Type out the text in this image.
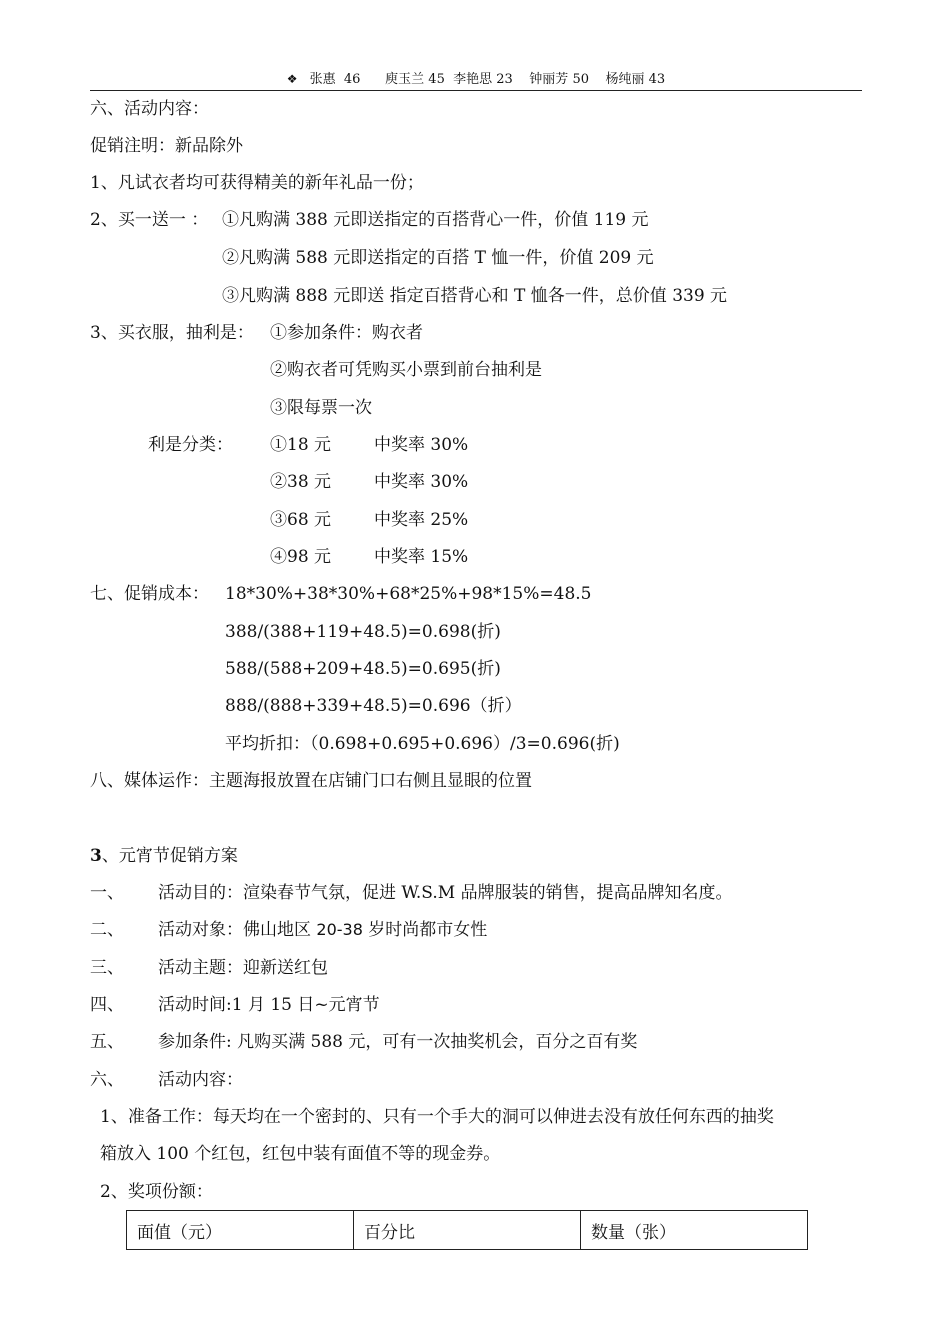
❖ 张惠  46      庾玉兰 45  李艳思 23    钟丽芳 50    杨纯丽 43
六、活动内容：
促销注明：新品除外
1、凡试衣者均可获得精美的新年礼品一份；
2、买一送一 ： ①凡购满 388 元即送指定的百搭背心一件，价值 119 元
②凡购满 588 元即送指定的百搭 T 恤一件，价值 209 元
③凡购满 888 元即送 指定百搭背心和 T 恤各一件，总价值 339 元
3、买衣服，抽利是： ①参加条件：购衣者
②购衣者可凭购买小票到前台抽利是
③限每票一次
利是分类： ①18 元	中奖率 30%
②38 元	中奖率 30%
③68 元	中奖率 25%
④98 元	中奖率 15%
七、促销成本： 18*30%+38*30%+68*25%+98*15%=48.5
388/(388+119+48.5)=0.698(折)
588/(588+209+48.5)=0.695(折)
888/(888+339+48.5)=0.696（折）
平均折扣：（0.698+0.695+0.696）/3=0.696(折)
八、媒体运作：主题海报放置在店铺门口右侧且显眼的位置
3、元宵节促销方案
一、 活动目的：渲染春节气氛，促进 W.S.M 品牌服装的销售，提高品牌知名度。
二、 活动对象：佛山地区 20-38 岁时尚都市女性
三、 活动主题：迎新送红包
四、 活动时间:1 月 15 日~元宵节
五、 参加条件: 凡购买满 588 元，可有一次抽奖机会，百分之百有奖
六、 活动内容：
1、准备工作：每天均在一个密封的、只有一个手大的洞可以伸进去没有放任何东西的抽奖
箱放入 100 个红包，红包中装有面值不等的现金券。
2、奖项份额：
面值（元）	百分比	数量（张）
